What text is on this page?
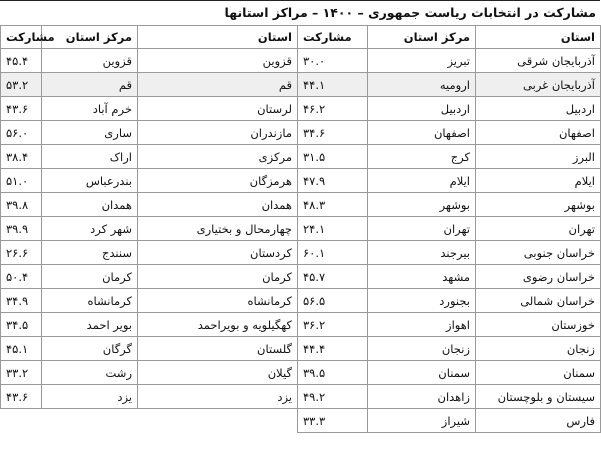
مشارکت در انتخابات ریاست جمهوری – ۱۴۰۰ – مراکز استانها
استان	مرکز استان	مشارکت	استان	مرکز استان	مشارکت
آذربایجان شرقی	تبریز	۳۰.۰	قزوین	قزوین	۴۵.۴
آذربایجان غربی	ارومیه	۴۴.۱	قم	قم	۵۳.۲
اردبیل	اردبیل	۴۶.۲	لرستان	خرم آباد	۴۳.۶
اصفهان	اصفهان	۳۴.۶	مازندران	ساری	۵۶.۰
البرز	کرج	۳۱.۵	مرکزی	اراک	۳۸.۴
ایلام	ایلام	۴۷.۹	هرمزگان	بندرعباس	۵۱.۰
بوشهر	بوشهر	۴۸.۳	همدان	همدان	۳۹.۸
تهران	تهران	۲۴.۱	چهارمحال و بختیاری	شهر کرد	۳۹.۹
خراسان جنوبی	بیرجند	۶۰.۱	کردستان	سنندج	۲۶.۶
خراسان رضوی	مشهد	۴۵.۷	کرمان	کرمان	۵۰.۴
خراسان شمالی	بجنورد	۵۶.۵	کرمانشاه	کرمانشاه	۳۴.۹
خوزستان	اهواز	۳۶.۲	کهگیلویه و بویراحمد	بویر احمد	۳۴.۵
زنجان	زنجان	۴۴.۴	گلستان	گرگان	۴۵.۱
سمنان	سمنان	۳۹.۵	گیلان	رشت	۳۳.۲
سیستان و بلوچستان	زاهدان	۴۹.۲	یزد	یزد	۴۳.۶
فارس	شیراز	۳۳.۳			
